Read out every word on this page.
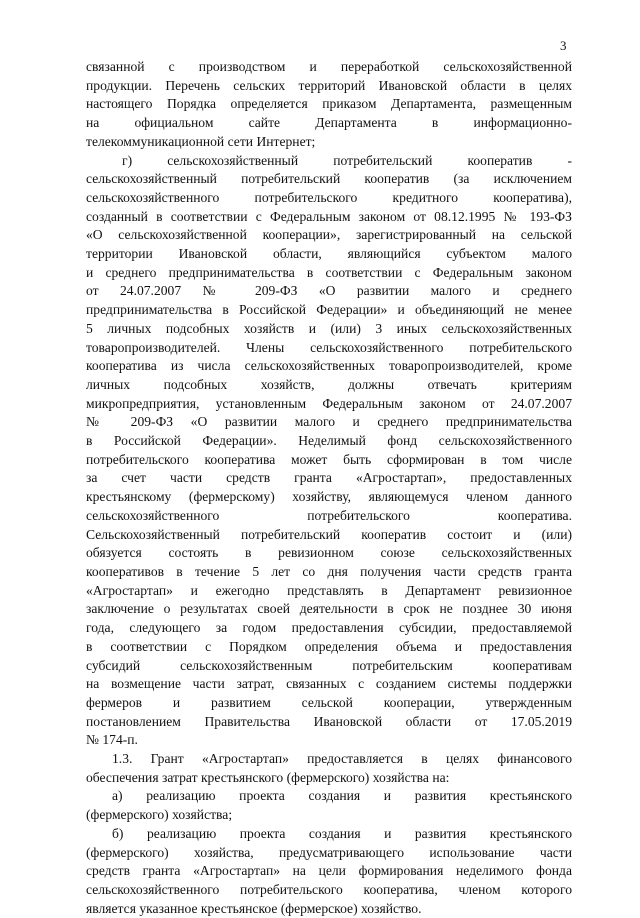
3
связанной с производством и переработкой сельскохозяйственной
продукции. Перечень сельских территорий Ивановской области в целях
настоящего Порядка определяется приказом Департамента, размещенным
на официальном сайте Департамента в информационно-
телекоммуникационной сети Интернет;
г) сельскохозяйственный потребительский кооператив -
сельскохозяйственный потребительский кооператив (за исключением
сельскохозяйственного потребительского кредитного кооператива),
созданный в соответствии с Федеральным законом от 08.12.1995 № 193-ФЗ
«О сельскохозяйственной кооперации», зарегистрированный на сельской
территории Ивановской области, являющийся субъектом малого
и среднего предпринимательства в соответствии с Федеральным законом
от 24.07.2007 № 209-ФЗ «О развитии малого и среднего
предпринимательства в Российской Федерации» и объединяющий не менее
5 личных подсобных хозяйств и (или) 3 иных сельскохозяйственных
товаропроизводителей. Члены сельскохозяйственного потребительского
кооператива из числа сельскохозяйственных товаропроизводителей, кроме
личных подсобных хозяйств, должны отвечать критериям
микропредприятия, установленным Федеральным законом от 24.07.2007
№ 209-ФЗ «О развитии малого и среднего предпринимательства
в Российской Федерации». Неделимый фонд сельскохозяйственного
потребительского кооператива может быть сформирован в том числе
за счет части средств гранта «Агростартап», предоставленных
крестьянскому (фермерскому) хозяйству, являющемуся членом данного
сельскохозяйственного потребительского кооператива.
Сельскохозяйственный потребительский кооператив состоит и (или)
обязуется состоять в ревизионном союзе сельскохозяйственных
кооперативов в течение 5 лет со дня получения части средств гранта
«Агростартап» и ежегодно представлять в Департамент ревизионное
заключение о результатах своей деятельности в срок не позднее 30 июня
года, следующего за годом предоставления субсидии, предоставляемой
в соответствии с Порядком определения объема и предоставления
субсидий сельскохозяйственным потребительским кооперативам
на возмещение части затрат, связанных с созданием системы поддержки
фермеров и развитием сельской кооперации, утвержденным
постановлением Правительства Ивановской области от 17.05.2019
№ 174-п.
1.3. Грант «Агростартап» предоставляется в целях финансового
обеспечения затрат крестьянского (фермерского) хозяйства на:
а) реализацию проекта создания и развития крестьянского
(фермерского) хозяйства;
б) реализацию проекта создания и развития крестьянского
(фермерского) хозяйства, предусматривающего использование части
средств гранта «Агростартап» на цели формирования неделимого фонда
сельскохозяйственного потребительского кооператива, членом которого
является указанное крестьянское (фермерское) хозяйство.
